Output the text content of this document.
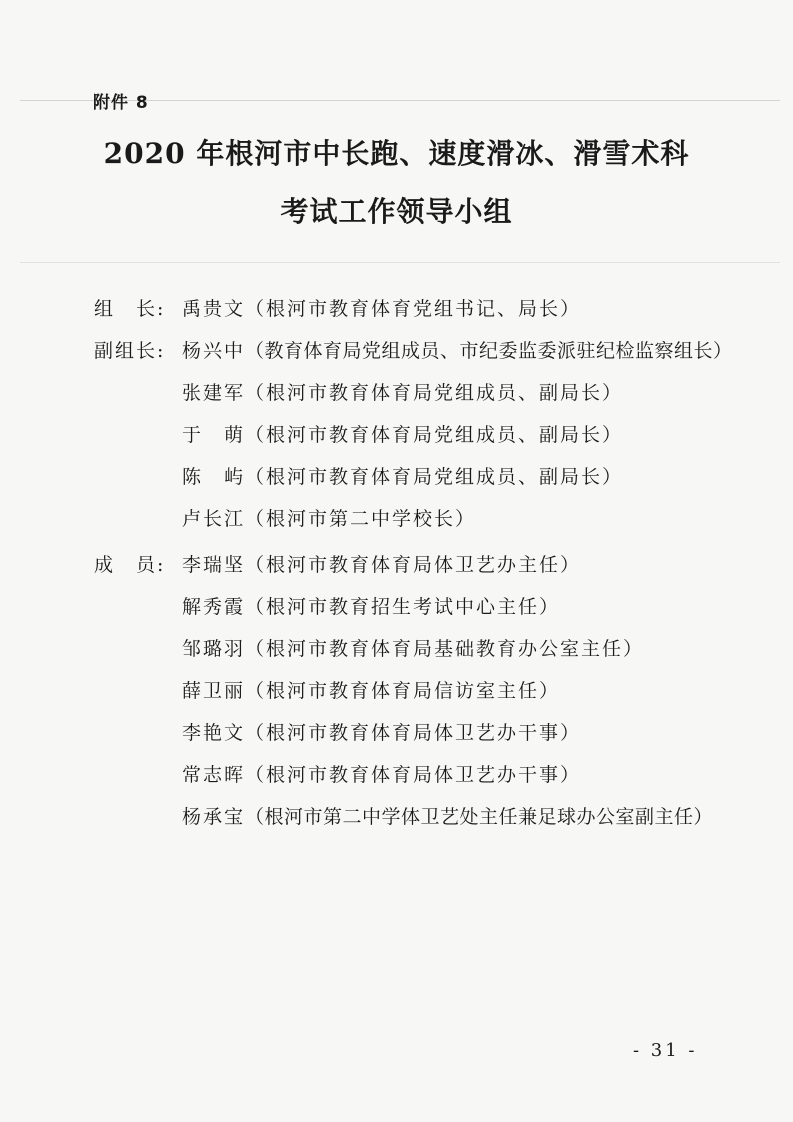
附件 8
2020 年根河市中长跑、速度滑冰、滑雪术科
考试工作领导小组
组　长: 禹贵文（根河市教育体育党组书记、局长）
副组长: 杨兴中（教育体育局党组成员、市纪委监委派驻纪检监察组长）
张建军（根河市教育体育局党组成员、副局长）
于　萌（根河市教育体育局党组成员、副局长）
陈　屿（根河市教育体育局党组成员、副局长）
卢长江（根河市第二中学校长）
成　员: 李瑞坚（根河市教育体育局体卫艺办主任）
解秀霞（根河市教育招生考试中心主任）
邹璐羽（根河市教育体育局基础教育办公室主任）
薛卫丽（根河市教育体育局信访室主任）
李艳文（根河市教育体育局体卫艺办干事）
常志晖（根河市教育体育局体卫艺办干事）
杨承宝（根河市第二中学体卫艺处主任兼足球办公室副主任）
- 31 -
